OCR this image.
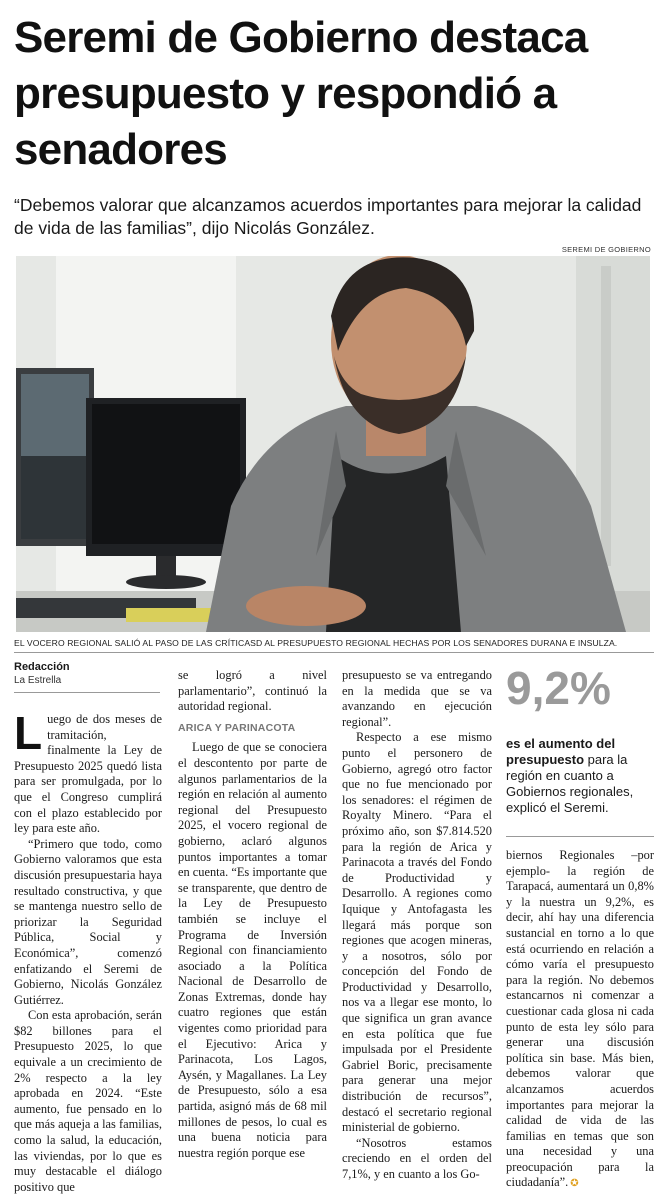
Seremi de Gobierno destaca presupuesto y respondió a senadores

“Debemos valorar que alcanzamos acuerdos importantes para mejorar la calidad de vida de las familias”, dijo Nicolás González.

SEREMI DE GOBIERNO
EL VOCERO REGIONAL SALIÓ AL PASO DE LAS CRÍTICASD AL PRESUPUESTO REGIONAL HECHAS POR LOS SENADORES DURANA E INSULZA.
Redacción
La Estrella

Luego de dos meses de tramitación, finalmente la Ley de Presupuesto 2025 quedó lista para ser promulgada, por lo que el Congreso cumplirá con el plazo establecido por ley para este año.

“Primero que todo, como Gobierno valoramos que esta discusión presupuestaria haya resultado constructiva, y que se mantenga nuestro sello de priorizar la Seguridad Pública, Social y Económica”, comenzó enfatizando el Seremi de Gobierno, Nicolás González Gutiérrez.

Con esta aprobación, serán $82 billones para el Presupuesto 2025, lo que equivale a un crecimiento de 2% respecto a la ley aprobada en 2024. “Este aumento, fue pensado en lo que más aqueja a las familias, como la salud, la educación, las viviendas, por lo que es muy destacable el diálogo positivo que

se logró a nivel parlamentario”, continuó la autoridad regional.

ARICA Y PARINACOTA

Luego de que se conociera el descontento por parte de algunos parlamentarios de la región en relación al aumento regional del Presupuesto 2025, el vocero regional de gobierno, aclaró algunos puntos importantes a tomar en cuenta. “Es importante que se transparente, que dentro de la Ley de Presupuesto también se incluye el Programa de Inversión Regional con financiamiento asociado a la Política Nacional de Desarrollo de Zonas Extremas, donde hay cuatro regiones que están vigentes como prioridad para el Ejecutivo: Arica y Parinacota, Los Lagos, Aysén, y Magallanes. La Ley de Presupuesto, sólo a esa partida, asignó más de 68 mil millones de pesos, lo cual es una buena noticia para nuestra región porque ese

presupuesto se va entregando en la medida que se va avanzando en ejecución regional”.

Respecto a ese mismo punto el personero de Gobierno, agregó otro factor que no fue mencionado por los senadores: el régimen de Royalty Minero. “Para el próximo año, son $7.814.520 para la región de Arica y Parinacota a través del Fondo de Productividad y Desarrollo. A regiones como Iquique y Antofagasta les llegará más porque son regiones que acogen mineras, y a nosotros, sólo por concepción del Fondo de Productividad y Desarrollo, nos va a llegar ese monto, lo que significa un gran avance en esta política que fue impulsada por el Presidente Gabriel Boric, precisamente para generar una mejor distribución de recursos”, destacó el secretario regional ministerial de gobierno.

“Nosotros estamos creciendo en el orden del 7,1%, y en cuanto a los Go-

9,2%
es el aumento del presupuesto para la región en cuanto a Gobiernos regionales, explicó el Seremi.

biernos Regionales –por ejemplo- la región de Tarapacá, aumentará un 0,8% y la nuestra un 9,2%, es decir, ahí hay una diferencia sustancial en torno a lo que está ocurriendo en relación a cómo varía el presupuesto para la región. No debemos estancarnos ni comenzar a cuestionar cada glosa ni cada punto de esta ley sólo para generar una discusión política sin base. Más bien, debemos valorar que alcanzamos acuerdos importantes para mejorar la calidad de vida de las familias en temas que son una necesidad y una preocupación para la ciudadanía”. ✪
